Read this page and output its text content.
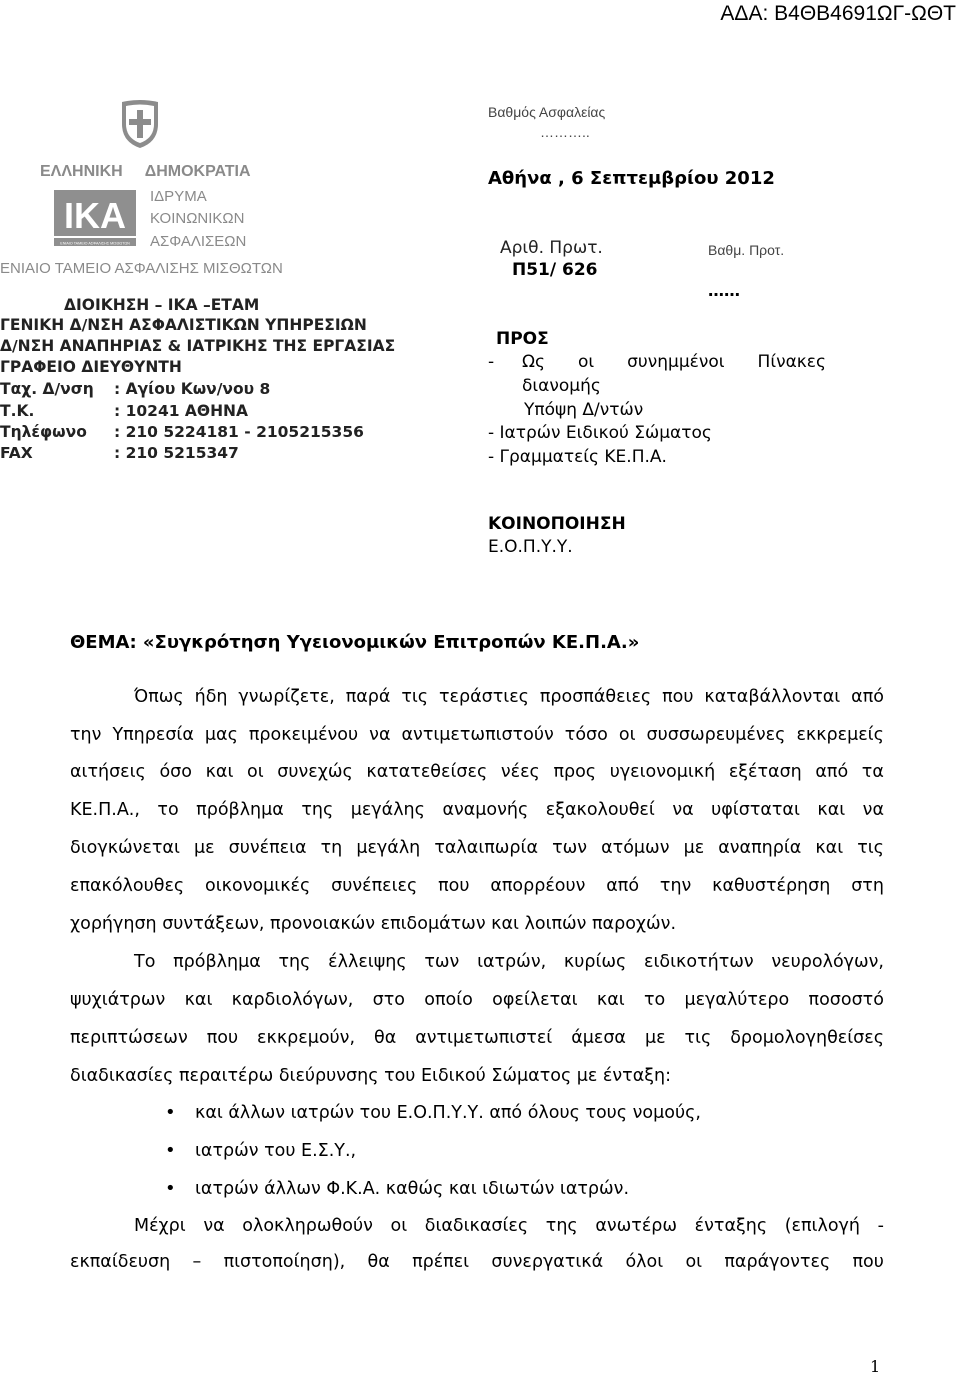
ΑΔΑ: Β4ΘΒ4691ΩΓ-ΩΘΤ
ΕΛΛΗΝΙΚΗ ΔΗΜΟΚΡΑΤΙΑ
ΙΚΑ
ΕΝΙΑΙΟ ΤΑΜΕΙΟ ΑΣΦΑΛΙΣΗΣ ΜΙΣΘΩΤΩΝ
ΙΔΡΥΜΑ
ΚΟΙΝΩΝΙΚΩΝ
ΑΣΦΑΛΙΣΕΩΝ
ΕΝΙΑΙΟ ΤΑΜΕΙΟ ΑΣΦΑΛΙΣΗΣ ΜΙΣΘΩΤΩΝ
ΔΙΟΙΚΗΣΗ – ΙΚΑ –ΕΤΑΜ
ΓΕΝΙΚΗ Δ/ΝΣΗ ΑΣΦΑΛΙΣΤΙΚΩΝ ΥΠΗΡΕΣΙΩΝ
Δ/ΝΣΗ ΑΝΑΠΗΡΙΑΣ & ΙΑΤΡΙΚΗΣ ΤΗΣ ΕΡΓΑΣΙΑΣ
ΓΡΑΦΕΙΟ ΔΙΕΥΘΥΝΤΗ
Ταχ. Δ/νση : Αγίου Κων/νου 8
Τ.Κ.	: 10241 ΑΘΗΝΑ
Τηλέφωνο : 210 5224181 - 2105215356
FAX	: 210 5215347
Βαθμός Ασφαλείας
………..
Αθήνα , 6 Σεπτεμβρίου 2012
Αριθ. Πρωτ.
Π51/ 626
Βαθμ. Προτ.
……
ΠΡΟΣ
-	Ως οι συνημμένοι Πίνακες
διανομής
Υπόψη Δ/ντών
- Ιατρών Ειδικού Σώματος
- Γραμματείς ΚΕ.Π.Α.
ΚΟΙΝΟΠΟΙΗΣΗ
Ε.Ο.Π.Υ.Υ.
ΘΕΜΑ: «Συγκρότηση Υγειονομικών Επιτροπών ΚΕ.Π.Α.»
Όπως ήδη γνωρίζετε, παρά τις τεράστιες προσπάθειες που καταβάλλονται από
την Υπηρεσία μας προκειμένου να αντιμετωπιστούν τόσο οι συσσωρευμένες εκκρεμείς
αιτήσεις όσο και οι συνεχώς κατατεθείσες νέες προς υγειονομική εξέταση από τα
ΚΕ.Π.Α., το πρόβλημα της μεγάλης αναμονής εξακολουθεί να υφίσταται και να
διογκώνεται με συνέπεια τη μεγάλη ταλαιπωρία των ατόμων με αναπηρία και τις
επακόλουθες οικονομικές συνέπειες που απορρέουν από την καθυστέρηση στη
χορήγηση συντάξεων, προνοιακών επιδομάτων και λοιπών παροχών.
Το πρόβλημα της έλλειψης των ιατρών, κυρίως ειδικοτήτων νευρολόγων,
ψυχιάτρων και καρδιολόγων, στο οποίο οφείλεται και το μεγαλύτερο ποσοστό
περιπτώσεων που εκκρεμούν, θα αντιμετωπιστεί άμεσα με τις δρομολογηθείσες
διαδικασίες περαιτέρω διεύρυνσης του Ειδικού Σώματος με ένταξη:
• και άλλων ιατρών του Ε.Ο.Π.Υ.Υ. από όλους τους νομούς,
• ιατρών του Ε.Σ.Υ.,
• ιατρών άλλων Φ.Κ.Α. καθώς και ιδιωτών ιατρών.
Μέχρι να ολοκληρωθούν οι διαδικασίες της ανωτέρω ένταξης (επιλογή -
εκπαίδευση – πιστοποίηση), θα πρέπει συνεργατικά όλοι οι παράγοντες που
1
